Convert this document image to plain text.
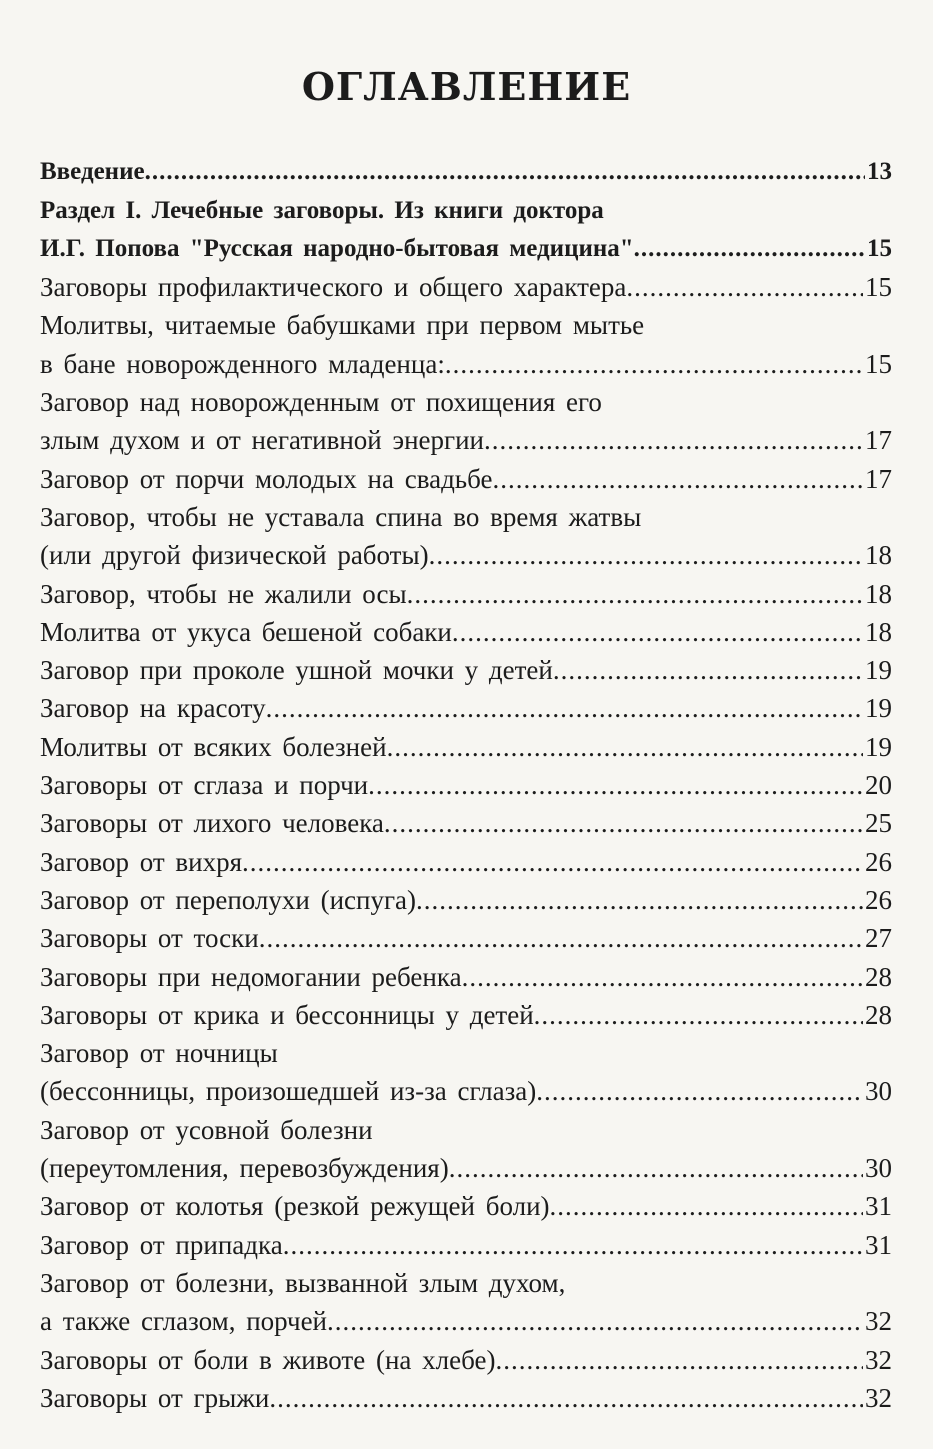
ОГЛАВЛЕНИЕ
Введение .....	13
Раздел I. Лечебные заговоры. Из книги доктора
И.Г. Попова "Русская народно-бытовая медицина" .....	15
Заговоры профилактического и общего характера .....	15
Молитвы, читаемые бабушками при первом мытье
в бане новорожденного младенца: .....	15
Заговор над новорожденным от похищения его
злым духом и от негативной энергии .....	17
Заговор от порчи молодых на свадьбе .....	17
Заговор, чтобы не уставала спина во время жатвы
(или другой физической работы) .....	18
Заговор, чтобы не жалили осы .....	18
Молитва от укуса бешеной собаки .....	18
Заговор при проколе ушной мочки у детей .....	19
Заговор на красоту .....	19
Молитвы от всяких болезней .....	19
Заговоры от сглаза и порчи .....	20
Заговоры от лихого человека .....	25
Заговор от вихря .....	26
Заговор от переполухи (испуга) .....	26
Заговоры от тоски .....	27
Заговоры при недомогании ребенка .....	28
Заговоры от крика и бессонницы у детей .....	28
Заговор от ночницы
(бессонницы, произошедшей из-за сглаза) .....	30
Заговор от усовной болезни
(переутомления, перевозбуждения) .....	30
Заговор от колотья (резкой режущей боли) .....	31
Заговор от припадка .....	31
Заговор от болезни, вызванной злым духом,
а также сглазом, порчей .....	32
Заговоры от боли в животе (на хлебе) .....	32
Заговоры от грыжи .....	32
